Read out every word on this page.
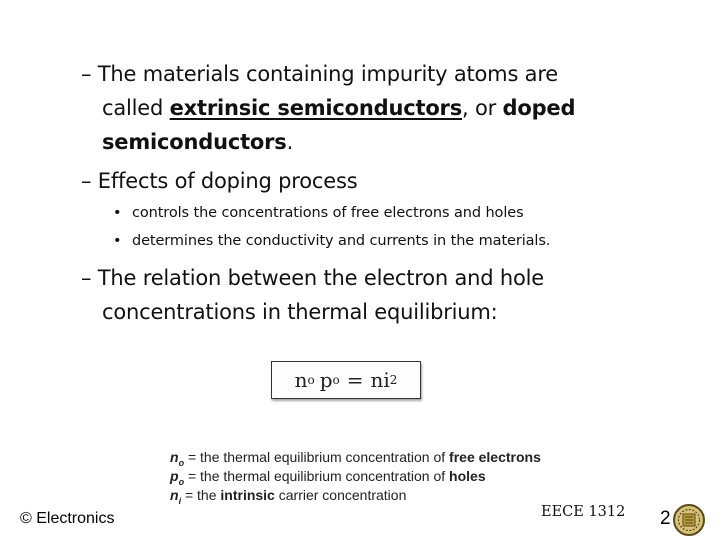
– The materials containing impurity atoms are
called extrinsic semiconductors, or doped
semiconductors.
– Effects of doping process
• controls the concentrations of free electrons and holes
• determines the conductivity and currents in the materials.
– The relation between the electron and hole
concentrations in thermal equilibrium:
n o p o = ni 2
$n_o$ = the thermal equilibrium concentration of free electrons
$p_o$ = the thermal equilibrium concentration of holes
$n_i$ = the intrinsic carrier concentration
© Electronics	EECE 1312 2
